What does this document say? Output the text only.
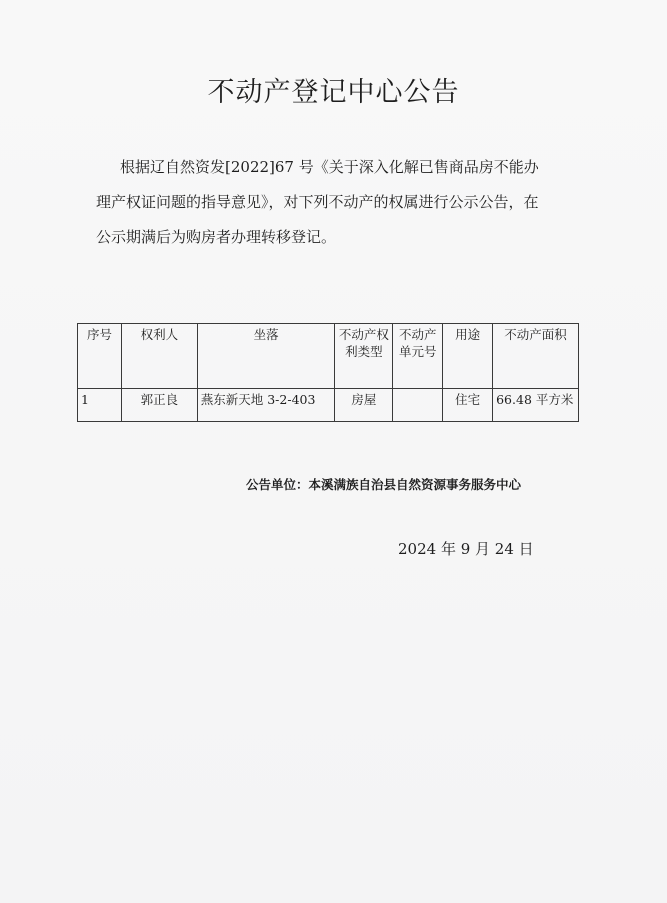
不动产登记中心公告
根据辽自然资发[2022]67 号《关于深入化解已售商品房不能办
理产权证问题的指导意见》，对下列不动产的权属进行公示公告，在
公示期满后为购房者办理转移登记。
序号	权利人	坐落	不动产权利类型	不动产单元号	用途	不动产面积
1	郭正良	燕东新天地 3-2-403	房屋		住宅	66.48 平方米
公告单位：本溪满族自治县自然资源事务服务中心
2024 年 9 月 24 日
